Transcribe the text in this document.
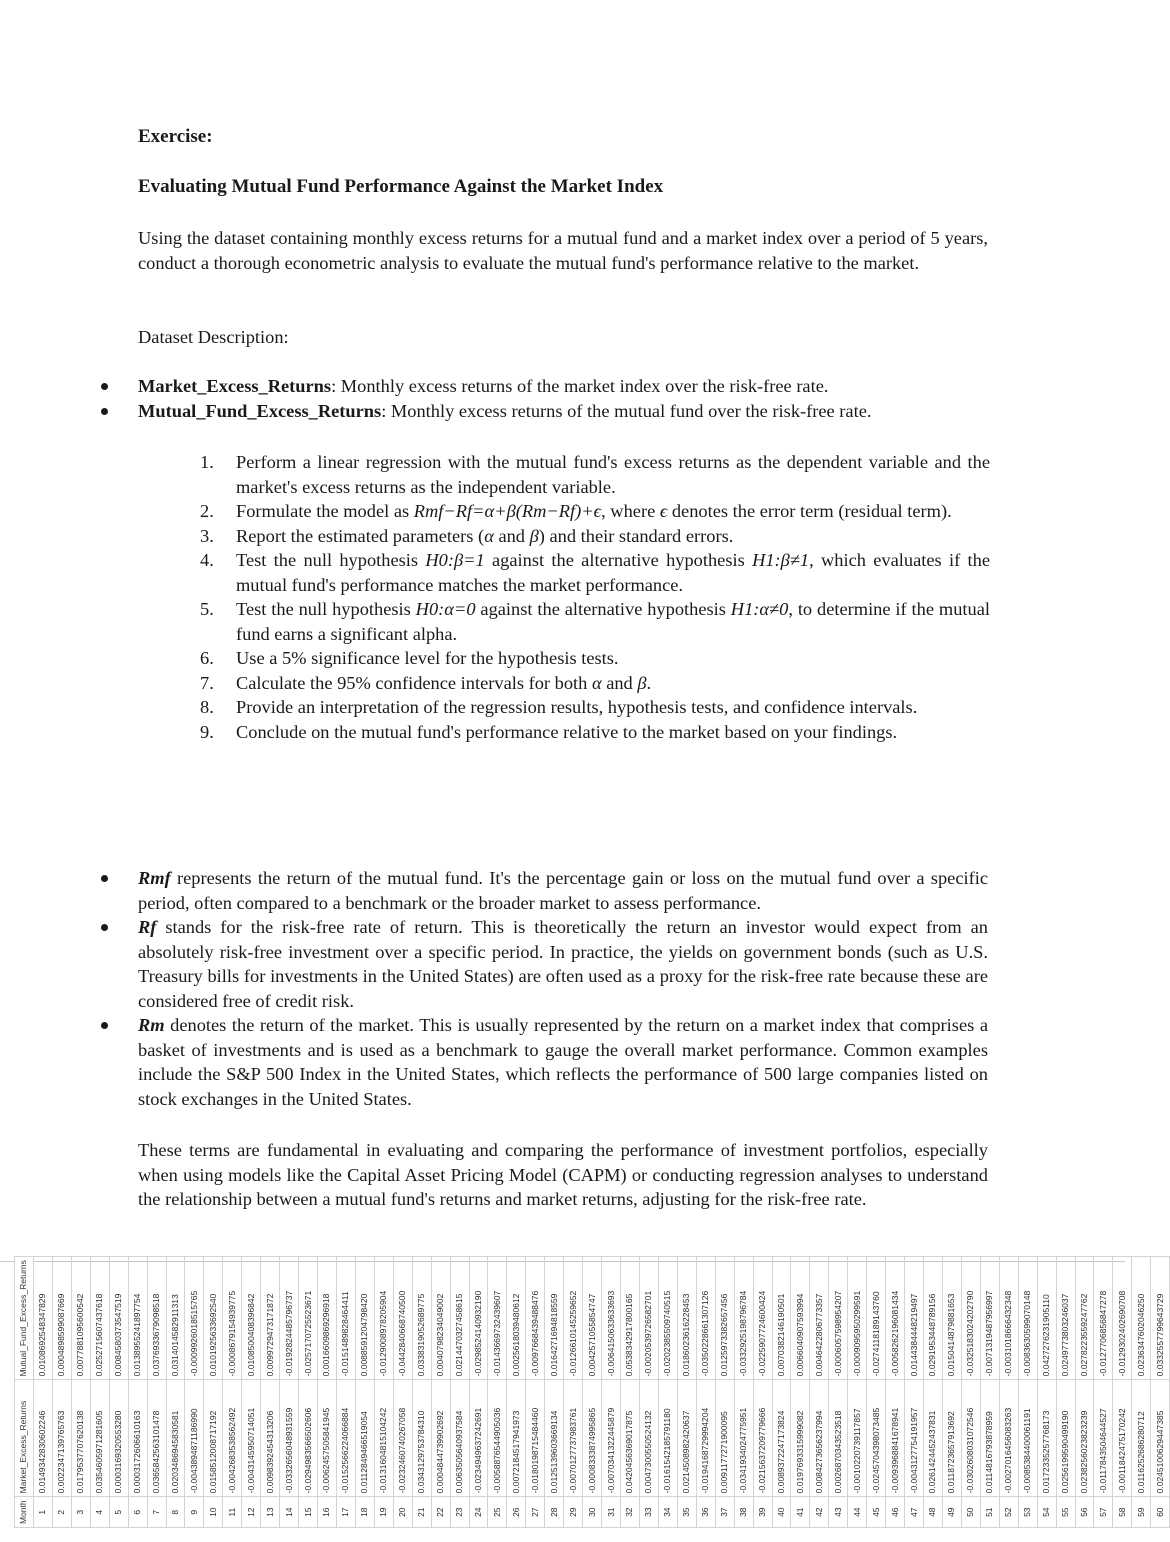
Exercise:

Evaluating Mutual Fund Performance Against the Market Index

Using the dataset containing monthly excess returns for a mutual fund and a market index over a period of 5 years, conduct a thorough econometric analysis to evaluate the mutual fund's performance relative to the market.

Dataset Description:

Market_Excess_Returns: Monthly excess returns of the market index over the risk-free rate.

Mutual_Fund_Excess_Returns: Monthly excess returns of the mutual fund over the risk-free rate.

1. Perform a linear regression with the mutual fund's excess returns as the dependent variable and the market's excess returns as the independent variable.
2. Formulate the model as Rmf−Rf=α+β(Rm−Rf)+ϵ, where ϵ denotes the error term (residual term).
3. Report the estimated parameters (α and β) and their standard errors.
4. Test the null hypothesis H0:β=1 against the alternative hypothesis H1:β≠1, which evaluates if the mutual fund's performance matches the market performance.
5. Test the null hypothesis H0:α=0 against the alternative hypothesis H1:α≠0, to determine if the mutual fund earns a significant alpha.
6. Use a 5% significance level for the hypothesis tests.
7. Calculate the 95% confidence intervals for both α and β.
8. Provide an interpretation of the regression results, hypothesis tests, and confidence intervals.
9. Conclude on the mutual fund's performance relative to the market based on your findings.

Rmf represents the return of the mutual fund. It's the percentage gain or loss on the mutual fund over a specific period, often compared to a benchmark or the broader market to assess performance.

Rf stands for the risk-free rate of return. This is theoretically the return an investor would expect from an absolutely risk-free investment over a specific period. In practice, the yields on government bonds (such as U.S. Treasury bills for investments in the United States) are often used as a proxy for the risk-free rate because these are considered free of credit risk.

Rm denotes the return of the market. This is usually represented by the return on a market index that comprises a basket of investments and is used as a benchmark to gauge the overall market performance. Common examples include the S&P 500 Index in the United States, which reflects the performance of 500 large companies listed on stock exchanges in the United States.

These terms are fundamental in evaluating and comparing the performance of investment portfolios, especially when using models like the Capital Asset Pricing Model (CAPM) or conducting regression analyses to understand the relationship between a mutual fund's returns and market returns, adjusting for the risk-free rate.

Month	Market_Excess_Returns	Mutual_Fund_Excess_Returns
1	0.0149342830602246	0.0108692548347829
2	0.0022347139765763	0.0004898599087669
3	0.0179537707620138	0.0077881095600542
4	0.0354605971281605	0.0252715607437618
5	0.0003169320553280	0.0084580373547519
6	0.0003172606610163	0.0138955241897754
7	0.0365842563101478	0.0376933679098518
8	0.0203486945830581	0.0314014582911313
9	-0.0043894871186990	-0.0009926018515765
10	0.0158512008717192	0.0101925633692540
11	-0.0042683538562492	-0.0008679154939775
12	-0.0043145950714051	0.0108500408396842
13	0.0098392454313206	0.0099729473171872
14	-0.0332656048931559	-0.0192824485796737
15	-0.0294983566502606	-0.0257170725523671
16	-0.0062457505841945	0.0016609869296918
17	-0.0152566224066884	-0.0151489828464411
18	0.0112849466519054	0.0088591204798420
19	-0.0131604815104242	-0.0129008978205904
20	-0.0232460740267058	-0.0442840668740500
21	0.0343129753784310	0.0338319052689775
22	0.0004844739902692	0.0040798234049002
23	0.0063505640937584	0.0214470327458615
24	-0.0234949637242691	-0.0298524140932190
25	-0.0058876544905036	-0.0143669732439607
26	0.0072184517941973	0.0025618039480612
27	-0.0180198715484460	-0.0097668439488476
28	0.0125139603669134	0.0164271694818559
29	-0.0070127737983761	-0.0126610145259652
30	-0.0008333874995865	0.0042571055854747
31	-0.0070341322445879	-0.0064150633633693
32	0.0420456369017875	0.0538342917800165
33	0.0047300550524132	-0.0020539726582701
34	-0.0161542185791180	-0.0202385509740515
35	0.0214508982420637	0.0186023616228453
36	-0.0194168729994204	-0.0350228661307126
37	0.0091177271900095	0.0125973382657456
38	-0.0341934024775951	-0.0332925198796784
39	-0.0215637209779666	-0.0225907724600424
40	0.0089372247173824	0.0070382146190501
41	0.0197693315999082	0.0066040907593994
42	0.0084273656237994	0.0046422806773357
43	0.0026870343523518	-0.0006057598954207
44	-0.0010220739117857	-0.0009095950299591
45	-0.0245704398073485	-0.0274118189143760
46	-0.0093968841678941	-0.0058262196081434
47	-0.0043127754191957	0.0144384448219497
48	0.0261424452437831	0.0291953448789156
49	0.0118723657913692	0.0150414879881653
50	-0.0302608031072546	-0.0325183024202790
51	0.0114816793878959	-0.0071319487956997
52	-0.0027016456083263	-0.0031018666432348
53	-0.0085384400061191	-0.0083630599070148
54	0.0172335257768173	0.0427276231905110
55	0.0256199590499190	0.0249773803246037
56	0.0238256023823239	0.0278223559247762
57	-0.0117843504644527	-0.0127706856847278
58	-0.0011842475170242	-0.0129302402690708
59	0.0116252686280712	0.0236347602046250
60	0.0245100629447385	0.0332557799643729
